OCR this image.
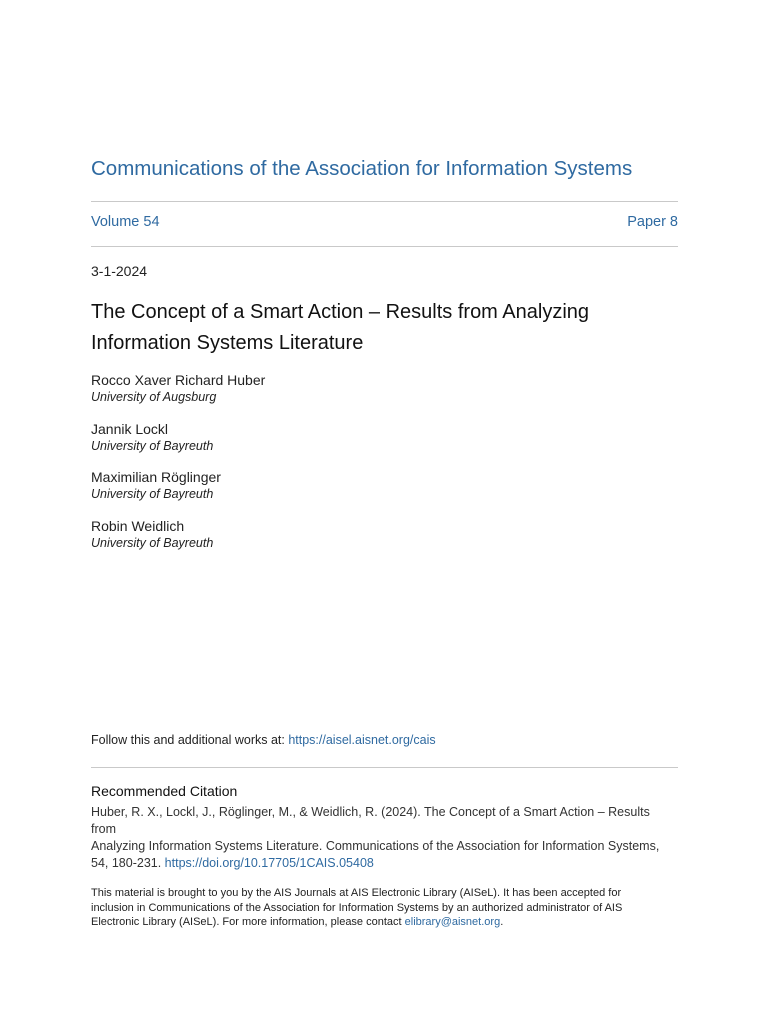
Communications of the Association for Information Systems
Volume 54	Paper 8
3-1-2024
The Concept of a Smart Action – Results from Analyzing
Information Systems Literature
Rocco Xaver Richard Huber
University of Augsburg
Jannik Lockl
University of Bayreuth
Maximilian Röglinger
University of Bayreuth
Robin Weidlich
University of Bayreuth
Follow this and additional works at: https://aisel.aisnet.org/cais
Recommended Citation
Huber, R. X., Lockl, J., Röglinger, M., & Weidlich, R. (2024). The Concept of a Smart Action – Results from
Analyzing Information Systems Literature. Communications of the Association for Information Systems,
54, 180-231. https://doi.org/10.17705/1CAIS.05408
This material is brought to you by the AIS Journals at AIS Electronic Library (AISeL). It has been accepted for
inclusion in Communications of the Association for Information Systems by an authorized administrator of AIS
Electronic Library (AISeL). For more information, please contact elibrary@aisnet.org.
